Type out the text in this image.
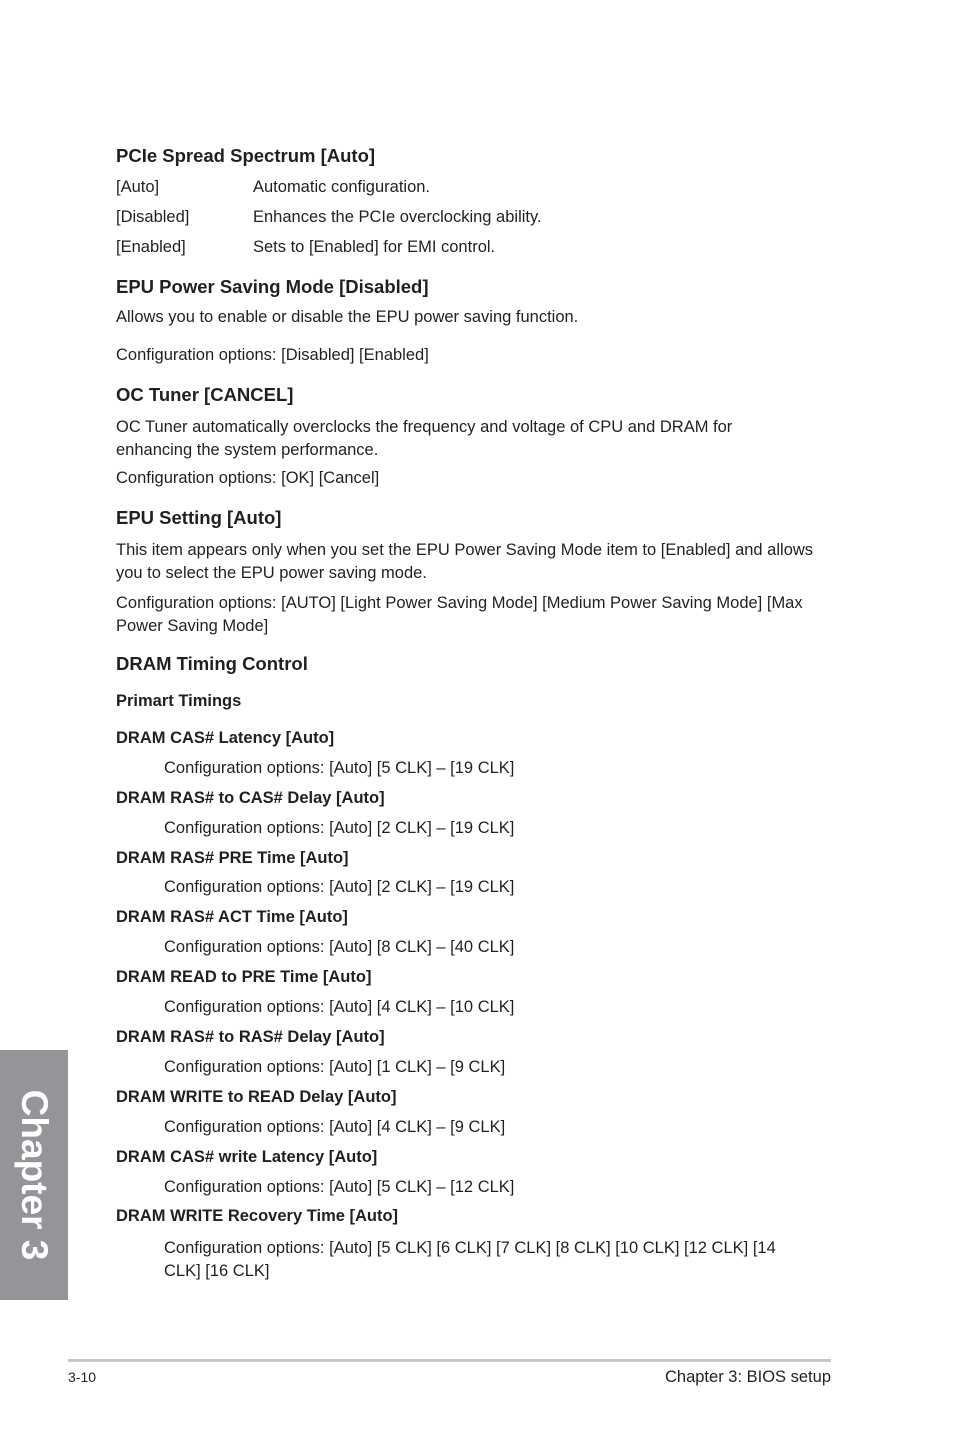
PCIe Spread Spectrum [Auto]
[Auto]	Automatic configuration.
[Disabled]	Enhances the PCIe overclocking ability.
[Enabled]	Sets to [Enabled] for EMI control.
EPU Power Saving Mode [Disabled]
Allows you to enable or disable the EPU power saving function.
Configuration options: [Disabled] [Enabled]
OC Tuner [CANCEL]
OC Tuner automatically overclocks the frequency and voltage of CPU and DRAM for enhancing the system performance.
Configuration options: [OK] [Cancel]
EPU Setting [Auto]
This item appears only when you set the EPU Power Saving Mode item to [Enabled] and allows you to select the EPU power saving mode.
Configuration options: [AUTO] [Light Power Saving Mode] [Medium Power Saving Mode] [Max Power Saving Mode]
DRAM Timing Control
Primart Timings
DRAM CAS# Latency [Auto]
Configuration options: [Auto] [5 CLK] – [19 CLK]
DRAM RAS# to CAS# Delay [Auto]
Configuration options: [Auto] [2 CLK] – [19 CLK]
DRAM RAS# PRE Time [Auto]
Configuration options: [Auto] [2 CLK] – [19 CLK]
DRAM RAS# ACT Time [Auto]
Configuration options: [Auto] [8 CLK] – [40 CLK]
DRAM READ to PRE Time [Auto]
Configuration options: [Auto] [4 CLK] – [10 CLK]
DRAM RAS# to RAS# Delay [Auto]
Configuration options: [Auto] [1 CLK] – [9 CLK]
DRAM WRITE to READ Delay [Auto]
Configuration options: [Auto] [4 CLK] – [9 CLK]
DRAM CAS# write Latency [Auto]
Configuration options: [Auto] [5 CLK] – [12 CLK]
DRAM WRITE Recovery Time [Auto]
Configuration options: [Auto] [5 CLK] [6 CLK] [7 CLK] [8 CLK] [10 CLK] [12 CLK] [14 CLK] [16 CLK]
Chapter 3
3-10	Chapter 3: BIOS setup
